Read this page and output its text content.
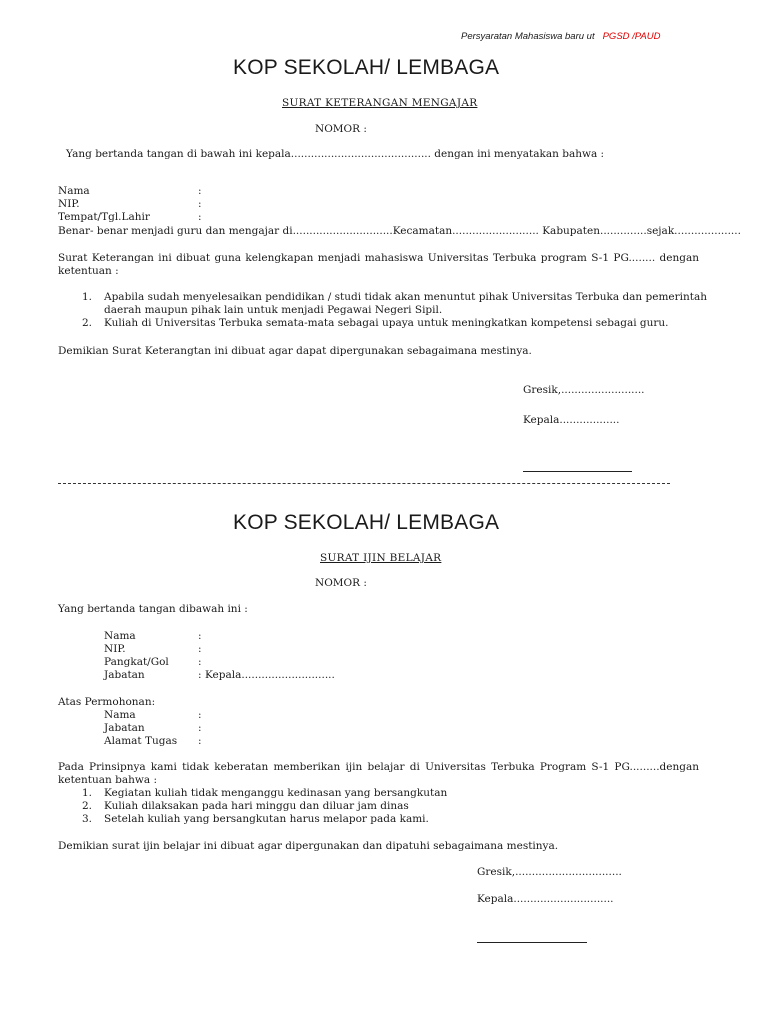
Persyaratan Mahasiswa baru ut PGSD /PAUD
KOP SEKOLAH/ LEMBAGA
SURAT KETERANGAN MENGAJAR
NOMOR :
Yang bertanda tangan di bawah ini kepala.......................................... dengan ini menyatakan bahwa :
Nama	:
NIP.	:
Tempat/Tgl.Lahir	:
Benar- benar menjadi guru dan mengajar di..............................Kecamatan.......................... Kabupaten..............sejak....................
Surat Keterangan ini dibuat guna kelengkapan menjadi mahasiswa Universitas Terbuka program S-1 PG........ dengan
ketentuan :
1. Apabila sudah menyelesaikan pendidikan / studi tidak akan menuntut pihak Universitas Terbuka dan pemerintah
daerah maupun pihak lain untuk menjadi Pegawai Negeri Sipil.
2. Kuliah di Universitas Terbuka semata-mata sebagai upaya untuk meningkatkan kompetensi sebagai guru.
Demikian Surat Keterangtan ini dibuat agar dapat dipergunakan sebagaimana mestinya.
Gresik,.........................
Kepala..................
KOP SEKOLAH/ LEMBAGA
SURAT IJIN BELAJAR
NOMOR :
Yang bertanda tangan dibawah ini :
Nama	:
NIP.	:
Pangkat/Gol	:
Jabatan	: Kepala............................
Atas Permohonan:
Nama	:
Jabatan	:
Alamat Tugas :
Pada Prinsipnya kami tidak keberatan memberikan ijin belajar di Universitas Terbuka Program S-1 PG.........dengan
ketentuan bahwa :
1. Kegiatan kuliah tidak menganggu kedinasan yang bersangkutan
2. Kuliah dilaksakan pada hari minggu dan diluar jam dinas
3. Setelah kuliah yang bersangkutan harus melapor pada kami.
Demikian surat ijin belajar ini dibuat agar dipergunakan dan dipatuhi sebagaimana mestinya.
Gresik,................................
Kepala..............................
